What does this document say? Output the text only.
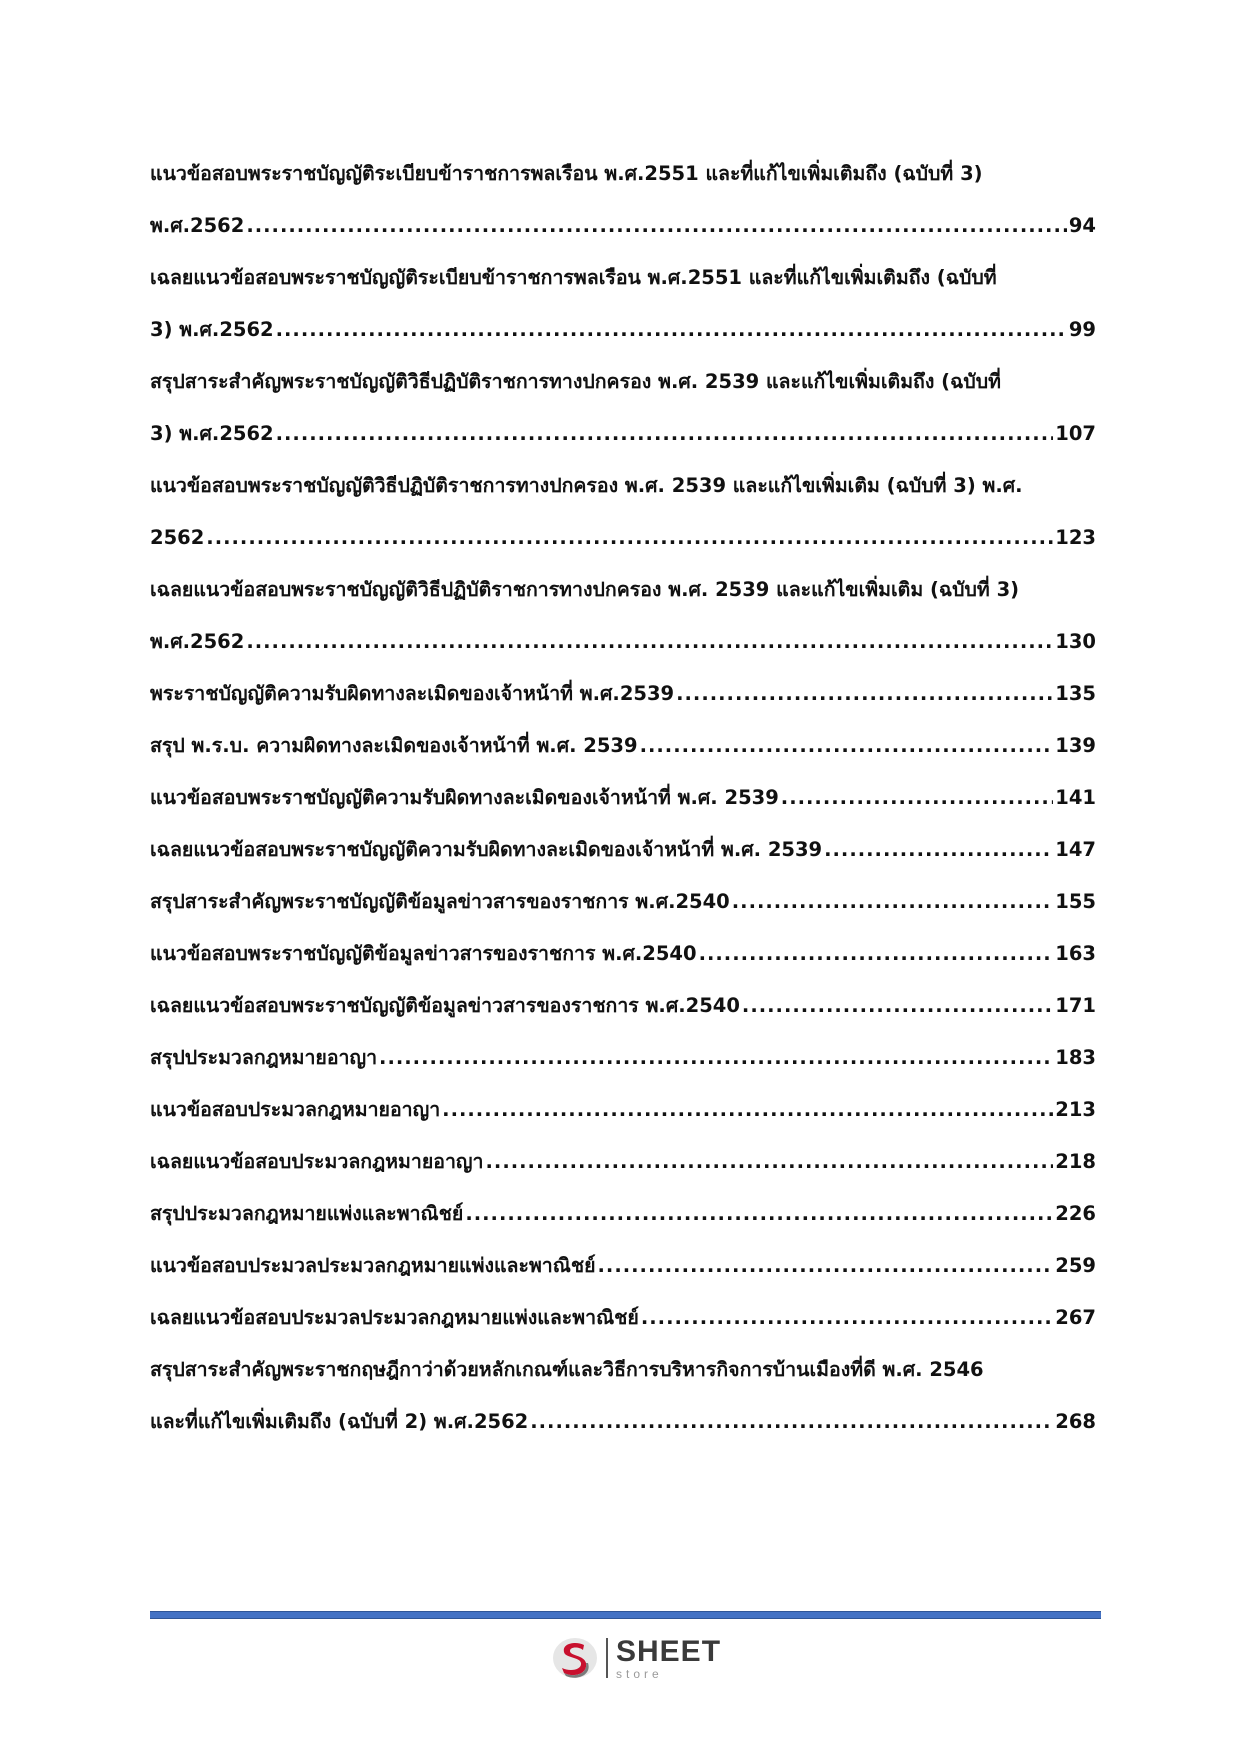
แนวข้อสอบพระราชบัญญัติระเบียบข้าราชการพลเรือน พ.ศ.2551 และที่แก้ไขเพิ่มเติมถึง (ฉบับที่ 3)
พ.ศ.2562 .....	94
เฉลยแนวข้อสอบพระราชบัญญัติระเบียบข้าราชการพลเรือน พ.ศ.2551 และที่แก้ไขเพิ่มเติมถึง (ฉบับที่
3) พ.ศ.2562 .....	99
สรุปสาระสำคัญพระราชบัญญัติวิธีปฏิบัติราชการทางปกครอง พ.ศ. 2539 และแก้ไขเพิ่มเติมถึง (ฉบับที่
3) พ.ศ.2562 .....	107
แนวข้อสอบพระราชบัญญัติวิธีปฏิบัติราชการทางปกครอง พ.ศ. 2539 และแก้ไขเพิ่มเติม (ฉบับที่ 3) พ.ศ.
2562 .....	123
เฉลยแนวข้อสอบพระราชบัญญัติวิธีปฏิบัติราชการทางปกครอง พ.ศ. 2539 และแก้ไขเพิ่มเติม (ฉบับที่ 3)
พ.ศ.2562 .....	130
พระราชบัญญัติความรับผิดทางละเมิดของเจ้าหน้าที่ พ.ศ.2539 .....	135
สรุป พ.ร.บ. ความผิดทางละเมิดของเจ้าหน้าที่ พ.ศ. 2539 .....	139
แนวข้อสอบพระราชบัญญัติความรับผิดทางละเมิดของเจ้าหน้าที่ พ.ศ. 2539 .....	141
เฉลยแนวข้อสอบพระราชบัญญัติความรับผิดทางละเมิดของเจ้าหน้าที่ พ.ศ. 2539 .....	147
สรุปสาระสำคัญพระราชบัญญัติข้อมูลข่าวสารของราชการ พ.ศ.2540 .....	155
แนวข้อสอบพระราชบัญญัติข้อมูลข่าวสารของราชการ พ.ศ.2540 .....	163
เฉลยแนวข้อสอบพระราชบัญญัติข้อมูลข่าวสารของราชการ พ.ศ.2540 .....	171
สรุปประมวลกฎหมายอาญา .....	183
แนวข้อสอบประมวลกฎหมายอาญา .....	213
เฉลยแนวข้อสอบประมวลกฎหมายอาญา .....	218
สรุปประมวลกฎหมายแพ่งและพาณิชย์ .....	226
แนวข้อสอบประมวลประมวลกฎหมายแพ่งและพาณิชย์ .....	259
เฉลยแนวข้อสอบประมวลประมวลกฎหมายแพ่งและพาณิชย์ .....	267
สรุปสาระสำคัญพระราชกฤษฎีกาว่าด้วยหลักเกณฑ์และวิธีการบริหารกิจการบ้านเมืองที่ดี พ.ศ. 2546
และที่แก้ไขเพิ่มเติมถึง (ฉบับที่ 2) พ.ศ.2562 .....	268
SHEET
store
